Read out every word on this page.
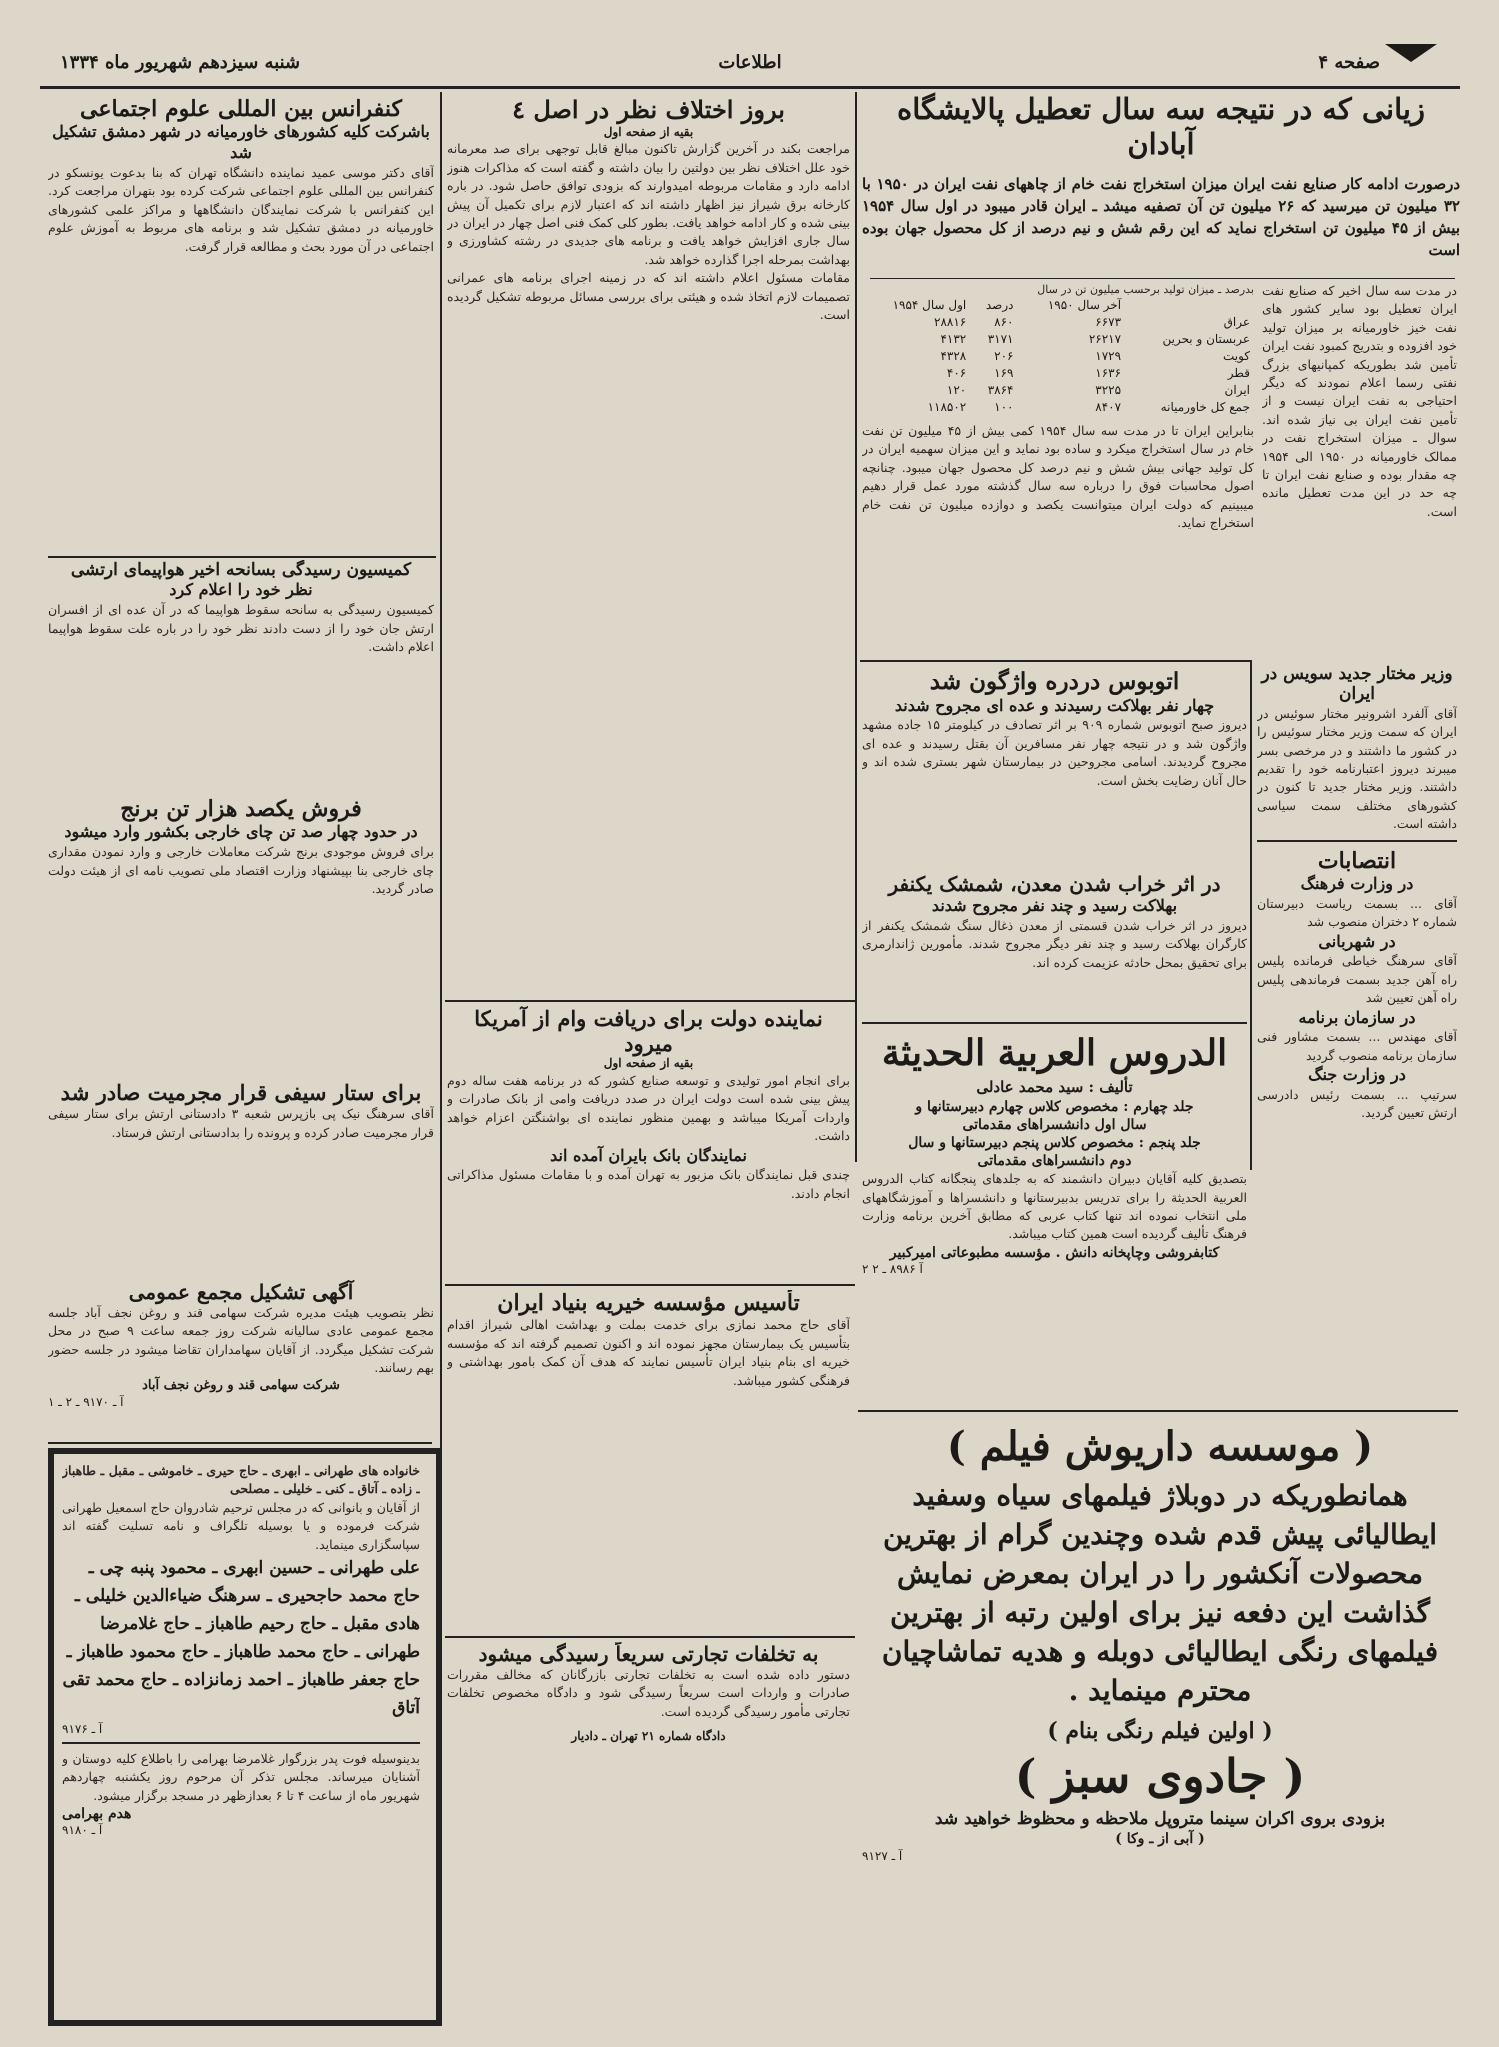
شنبه سیزدهم شهریور ماه ۱۳۳۴	اطلاعات	صفحه ۴
زیانی که در نتیجه سه سال تعطیل پالایشگاه آبادان
درصورت ادامه کار صنایع نفت ایران میزان استخراج نفت خام از چاههای نفت ایران در ۱۹۵۰ با ۳۲ میلیون تن میرسید که ۲۶ میلیون تن آن تصفیه میشد ـ ایران قادر میبود در اول سال ۱۹۵۴ بیش از ۴۵ میلیون تن استخراج نماید که این رقم شش و نیم درصد از کل محصول جهان بوده است

در مدت سه سال اخیر که صنایع نفت ایران تعطیل بود سایر کشور های نفت خیز خاورمیانه بر میزان تولید خود افزوده و بتدریج کمبود نفت ایران تأمین شد بطوریکه کمپانیهای بزرگ نفتی رسما اعلام نمودند که دیگر احتیاجی به نفت ایران نیست و از تأمین نفت ایران بی نیاز شده اند. سوال ـ میزان استخراج نفت در ممالک خاورمیانه در ۱۹۵۰ الی ۱۹۵۴ چه مقدار بوده و صنایع نفت ایران تا چه حد در این مدت تعطیل مانده است.

بدرصد ـ میزان تولید برحسب میلیون تن در سال

	آخر سال ۱۹۵۰	درصد	اول سال ۱۹۵۴
عراق	۶۶۷۳	۸۶۰	۲۸۸۱۶
عربستان و بحرین	۲۶۲۱۷	۳۱۷۱	۴۱۳۲
کویت	۱۷۲۹	۲۰۶	۴۳۲۸
قطر	۱۶۳۶	۱۶۹	۴۰۶
ایران	۳۲۲۵	۳۸۶۴	۱۲۰
جمع کل خاورمیانه	۸۴۰۷	۱۰۰	۱۱۸۵۰۲

بنابراین ایران تا در مدت سه سال ۱۹۵۴ کمی بیش از ۴۵ میلیون تن نفت خام در سال استخراج میکرد و ساده بود نماید و این میزان سهمیه ایران در کل تولید جهانی بیش شش و نیم درصد کل محصول جهان میبود. چنانچه اصول محاسبات فوق را درباره سه سال گذشته مورد عمل قرار دهیم میبینیم که دولت ایران میتوانست یکصد و دوازده میلیون تن نفت خام استخراج نماید.

اتوبوس دردره واژگون شد
چهار نفر بهلاکت رسیدند و عده ای مجروح شدند

دیروز صبح اتوبوس شماره ۹۰۹ بر اثر تصادف در کیلومتر ۱۵ جاده مشهد واژگون شد و در نتیجه چهار نفر مسافرین آن بقتل رسیدند و عده ای مجروح گردیدند. اسامی مجروحین در بیمارستان شهر بستری شده اند و حال آنان رضایت بخش است.

در اثر خراب شدن معدن، شمشک یکنفر
بهلاکت رسید و چند نفر مجروح شدند

دیروز در اثر خراب شدن قسمتی از معدن ذغال سنگ شمشک یکنفر از کارگران بهلاکت رسید و چند نفر دیگر مجروح شدند. مأمورین ژاندارمری برای تحقیق بمحل حادثه عزیمت کرده اند.

الدروس العربية الحديثة
تألیف : سید محمد عادلی
جلد چهارم : مخصوص کلاس چهارم دبیرستانها و
سال اول دانشسراهای مقدماتی
جلد پنجم : مخصوص کلاس پنجم دبیرستانها و سال
دوم دانشسراهای مقدماتی

بتصدیق کلیه آقایان دبیران دانشمند که به جلدهای پنجگانه کتاب الدروس العربیة الحدیثة را برای تدریس بدبیرستانها و دانشسراها و آموزشگاههای ملی انتخاب نموده اند تنها کتاب عربی که مطابق آخرین برنامه وزارت فرهنگ تألیف گردیده است همین کتاب میباشد.

کتابفروشی وچاپخانه دانش . مؤسسه مطبوعاتی امیرکبیر
آ ۸۹۸۶ ـ ۲ ۲
وزیر مختار جدید سویس در ایران

آقای آلفرد اشرونیر مختار سوئیس در ایران که سمت وزیر مختار سوئیس را در کشور ما داشتند و در مرخصی بسر میبرند دیروز اعتبارنامه خود را تقدیم داشتند. وزیر مختار جدید تا کنون در کشورهای مختلف سمت سیاسی داشته است.

انتصابات
در وزارت فرهنگ

آقای ... بسمت ریاست دبیرستان شماره ۲ دختران منصوب شد

در شهربانی

آقای سرهنگ خیاطی فرمانده پلیس راه آهن جدید بسمت فرماندهی پلیس راه آهن تعیین شد

در سازمان برنامه

آقای مهندس ... بسمت مشاور فنی سازمان برنامه منصوب گردید

در وزارت جنگ

سرتیپ ... بسمت رئیس دادرسی ارتش تعیین گردید.

بروز اختلاف نظر در اصل ٤
بقیه از صفحه اول

مراجعت بکند در آخرین گزارش تاکنون مبالغ قابل توجهی برای صد معرمانه خود علل اختلاف نظر بین دولتین را بیان داشته و گفته است که مذاکرات هنوز ادامه دارد و مقامات مربوطه امیدوارند که بزودی توافق حاصل شود. در باره کارخانه برق شیراز نیز اظهار داشته اند که اعتبار لازم برای تکمیل آن پیش بینی شده و کار ادامه خواهد یافت. بطور کلی کمک فنی اصل چهار در ایران در سال جاری افزایش خواهد یافت و برنامه های جدیدی در رشته کشاورزی و بهداشت بمرحله اجرا گذارده خواهد شد.

مقامات مسئول اعلام داشته اند که در زمینه اجرای برنامه های عمرانی تصمیمات لازم اتخاذ شده و هیئتی برای بررسی مسائل مربوطه تشکیل گردیده است.

نماینده دولت برای دریافت وام از آمریکا میرود
بقیه از صفحه اول

برای انجام امور تولیدی و توسعه صنایع کشور که در برنامه هفت ساله دوم پیش بینی شده است دولت ایران در صدد دریافت وامی از بانک صادرات و واردات آمریکا میباشد و بهمین منظور نماینده ای بواشنگتن اعزام خواهد داشت.

نمایندگان بانک بایران آمده اند

چندی قبل نمایندگان بانک مزبور به تهران آمده و با مقامات مسئول مذاکراتی انجام دادند.

تأسیس مؤسسه خیریه بنیاد ایران

آقای حاج محمد نمازی برای خدمت بملت و بهداشت اهالی شیراز اقدام بتأسیس یک بیمارستان مجهز نموده اند و اکنون تصمیم گرفته اند که مؤسسه خیریه ای بنام بنیاد ایران تأسیس نمایند که هدف آن کمک بامور بهداشتی و فرهنگی کشور میباشد.

به تخلفات تجارتی سریعاً رسیدگی میشود

دستور داده شده است به تخلفات تجارتی بازرگانان که مخالف مقررات صادرات و واردات است سریعاً رسیدگی شود و دادگاه مخصوص تخلفات تجارتی مأمور رسیدگی گردیده است.

دادگاه شماره ۲۱ تهران ـ دادیار
کنفرانس بین المللی علوم اجتماعی
باشرکت کلیه کشورهای خاورمیانه در شهر دمشق تشکیل شد

آقای دکتر موسی عمید نماینده دانشگاه تهران که بنا بدعوت یونسکو در کنفرانس بین المللی علوم اجتماعی شرکت کرده بود بتهران مراجعت کرد. این کنفرانس با شرکت نمایندگان دانشگاهها و مراکز علمی کشورهای خاورمیانه در دمشق تشکیل شد و برنامه های مربوط به آموزش علوم اجتماعی در آن مورد بحث و مطالعه قرار گرفت.

کمیسیون رسیدگی بسانحه اخیر هواپیمای ارتشی
نظر خود را اعلام کرد

کمیسیون رسیدگی به سانحه سقوط هواپیما که در آن عده ای از افسران ارتش جان خود را از دست دادند نظر خود را در باره علت سقوط هواپیما اعلام داشت.

فروش یکصد هزار تن برنج
در حدود چهار صد تن چای خارجی بکشور وارد میشود

برای فروش موجودی برنج شرکت معاملات خارجی و وارد نمودن مقداری چای خارجی بنا بپیشنهاد وزارت اقتصاد ملی تصویب نامه ای از هیئت دولت صادر گردید.

برای ستار سیفی قرار مجرمیت صادر شد

آقای سرهنگ نیک پی بازپرس شعبه ۳ دادستانی ارتش برای ستار سیفی قرار مجرمیت صادر کرده و پرونده را بدادستانی ارتش فرستاد.

آگهی تشکیل مجمع عمومی

نظر بتصویب هیئت مدیره شرکت سهامی قند و روغن نجف آباد جلسه مجمع عمومی عادی سالیانه شرکت روز جمعه ساعت ۹ صبح در محل شرکت تشکیل میگردد. از آقایان سهامداران تقاضا میشود در جلسه حضور بهم رسانند.

شرکت سهامی قند و روغن نجف آباد
آ ـ ۹۱۷۰ ـ ۲ ـ ۱

خانواده های طهرانی ـ ابهری ـ حاج حیری ـ خاموشی ـ مقبل ـ طاهباز ـ زاده ـ آتاق ـ کنی ـ خلیلی ـ مصلحی

از آقایان و بانوانی که در مجلس ترحیم شادروان حاج اسمعیل طهرانی شرکت فرموده و یا بوسیله تلگراف و نامه تسلیت گفته اند سپاسگزاری مینماید.

علی طهرانی ـ حسین ابهری ـ محمود پنبه چی ـ حاج محمد حاجحیری ـ سرهنگ ضیاءالدین خلیلی ـ هادی مقبل ـ حاج رحیم طاهباز ـ حاج غلامرضا طهرانی ـ حاج محمد طاهباز ـ حاج محمود طاهباز ـ حاج جعفر طاهباز ـ احمد زمانزاده ـ حاج محمد تقی آتاق
آ ـ ۹۱۷۶

بدینوسیله فوت پدر بزرگوار غلامرضا بهرامی را باطلاع کلیه دوستان و آشنایان میرساند. مجلس تذکر آن مرحوم روز یکشنبه چهاردهم شهریور ماه از ساعت ۴ تا ۶ بعدازظهر در مسجد برگزار میشود.

هدم بهرامی
آ ـ ۹۱۸۰
( موسسه داریوش فیلم )
همانطوریکه در دوبلاژ فیلمهای سیاه وسفید ایطالیائی پیش قدم شده وچندین گرام از بهترین محصولات آنکشور را در ایران بمعرض نمایش گذاشت این دفعه نیز برای اولین رتبه از بهترین فیلمهای رنگی ایطالیائی دوبله و هدیه تماشاچیان محترم مینماید .
( اولین فیلم رنگی بنام )
( جادوی سبز )
بزودی بروی اکران سینما متروپل ملاحظه و محظوظ خواهید شد
( آبی از ـ وکا )
آ ـ ۹۱۲۷
